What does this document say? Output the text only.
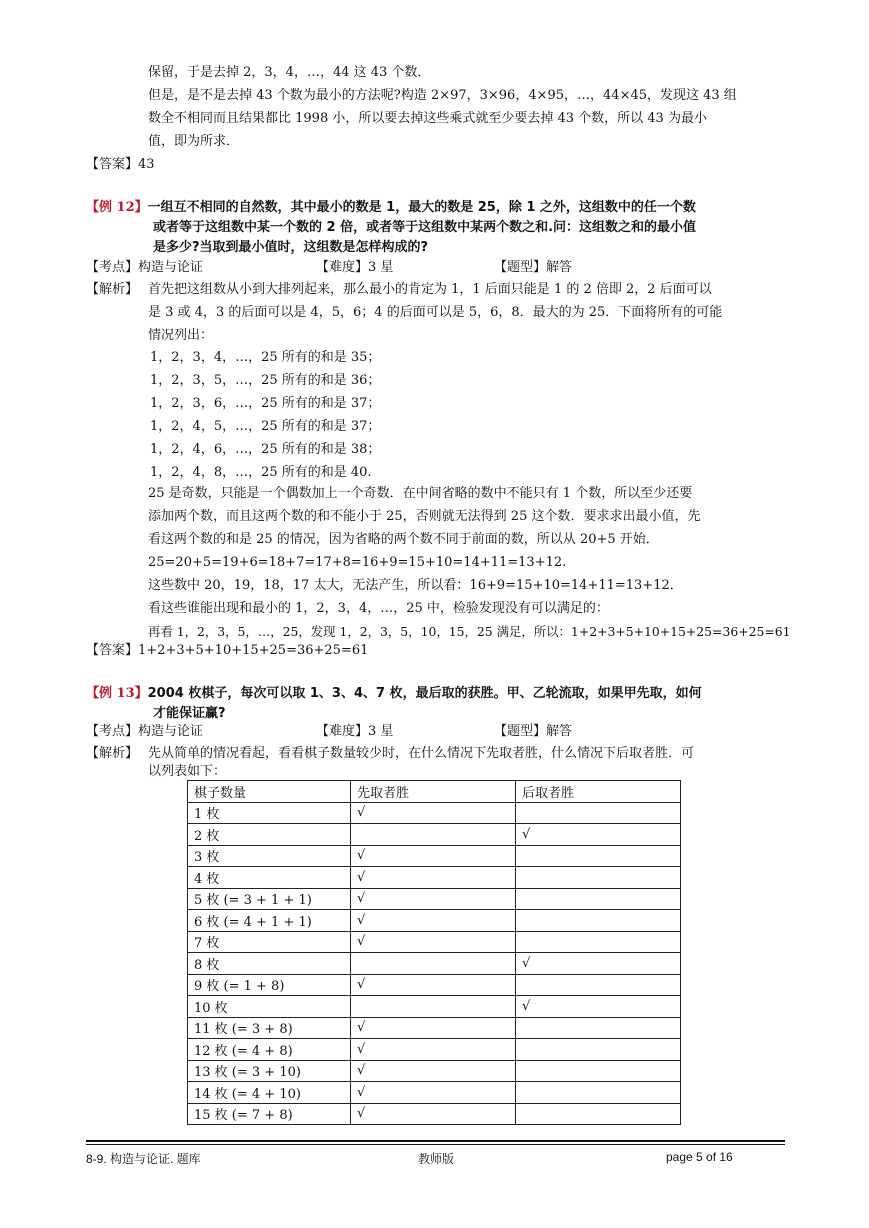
保留，于是去掉 2，3，4，…，44 这 43 个数．
但是，是不是去掉 43 个数为最小的方法呢?构造 2×97，3×96，4×95，…，44×45，发现这 43 组
数全不相同而且结果都比 1998 小，所以要去掉这些乘式就至少要去掉 43 个数，所以 43 为最小
值，即为所求．
【答案】43
【例 12】一组互不相同的自然数，其中最小的数是 1，最大的数是 25，除 1 之外，这组数中的任一个数
或者等于这组数中某一个数的 2 倍，或者等于这组数中某两个数之和.问：这组数之和的最小值
是多少?当取到最小值时，这组数是怎样构成的?
【考点】构造与论证	【难度】3 星	【题型】解答
【解析】 首先把这组数从小到大排列起来，那么最小的肯定为 1，1 后面只能是 1 的 2 倍即 2，2 后面可以
是 3 或 4，3 的后面可以是 4，5，6；4 的后面可以是 5，6，8．最大的为 25．下面将所有的可能
情况列出：
1，2，3，4，…，25 所有的和是 35；
1，2，3，5，…，25 所有的和是 36；
1，2，3，6，…，25 所有的和是 37；
1，2，4，5，…，25 所有的和是 37；
1，2，4，6，…，25 所有的和是 38；
1，2，4，8，…，25 所有的和是 40.
25 是奇数，只能是一个偶数加上一个奇数．在中间省略的数中不能只有 1 个数，所以至少还要
添加两个数，而且这两个数的和不能小于 25，否则就无法得到 25 这个数．要求求出最小值，先
看这两个数的和是 25 的情况，因为省略的两个数不同于前面的数，所以从 20+5 开始．
25=20+5=19+6=18+7=17+8=16+9=15+10=14+11=13+12.
这些数中 20，19，18，17 太大，无法产生，所以看：16+9=15+10=14+11=13+12．
看这些谁能出现和最小的 1，2，3，4，…，25 中，检验发现没有可以满足的：
再看 1，2，3，5，…，25，发现 1，2，3，5，10，15，25 满足，所以：1+2+3+5+10+15+25=36+25=61
【答案】1+2+3+5+10+15+25=36+25=61
【例 13】2004 枚棋子，每次可以取 1、3、4、7 枚，最后取的获胜。甲、乙轮流取，如果甲先取，如何
才能保证赢?
【考点】构造与论证	【难度】3 星	【题型】解答
【解析】 先从简单的情况看起，看看棋子数量较少时，在什么情况下先取者胜，什么情况下后取者胜．可
以列表如下：
棋子数量	先取者胜	后取者胜
1 枚	√	
2 枚		√
3 枚	√	
4 枚	√	
5 枚 (= 3 + 1 + 1)	√	
6 枚 (= 4 + 1 + 1)	√	
7 枚	√	
8 枚		√
9 枚 (= 1 + 8)	√	
10 枚		√
11 枚 (= 3 + 8)	√	
12 枚 (= 4 + 8)	√	
13 枚 (= 3 + 10)	√	
14 枚 (= 4 + 10)	√	
15 枚 (= 7 + 8)	√	
8-9. 构造与论证. 题库	教师版	page 5 of 16
